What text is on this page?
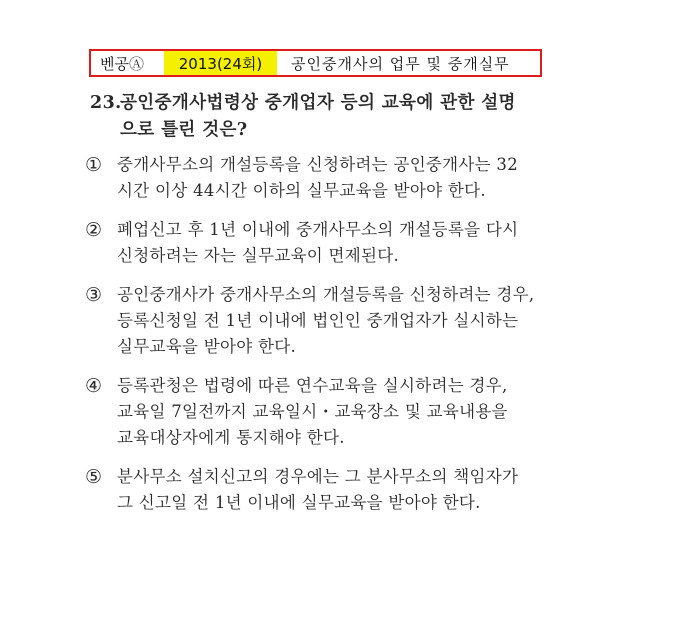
벤공Ⓐ	2013(24회)	공인중개사의 업무 및 중개실무
23.공인중개사법령상 중개업자 등의 교육에 관한 설명
으로 틀린 것은?
① 중개사무소의 개설등록을 신청하려는 공인중개사는 32
시간 이상 44시간 이하의 실무교육을 받아야 한다.
② 폐업신고 후 1년 이내에 중개사무소의 개설등록을 다시
신청하려는 자는 실무교육이 면제된다.
③ 공인중개사가 중개사무소의 개설등록을 신청하려는 경우,
등록신청일 전 1년 이내에 법인인 중개업자가 실시하는
실무교육을 받아야 한다.
④ 등록관청은 법령에 따른 연수교육을 실시하려는 경우,
교육일 7일전까지 교육일시・교육장소 및 교육내용을
교육대상자에게 통지해야 한다.
⑤ 분사무소 설치신고의 경우에는 그 분사무소의 책임자가
그 신고일 전 1년 이내에 실무교육을 받아야 한다.
